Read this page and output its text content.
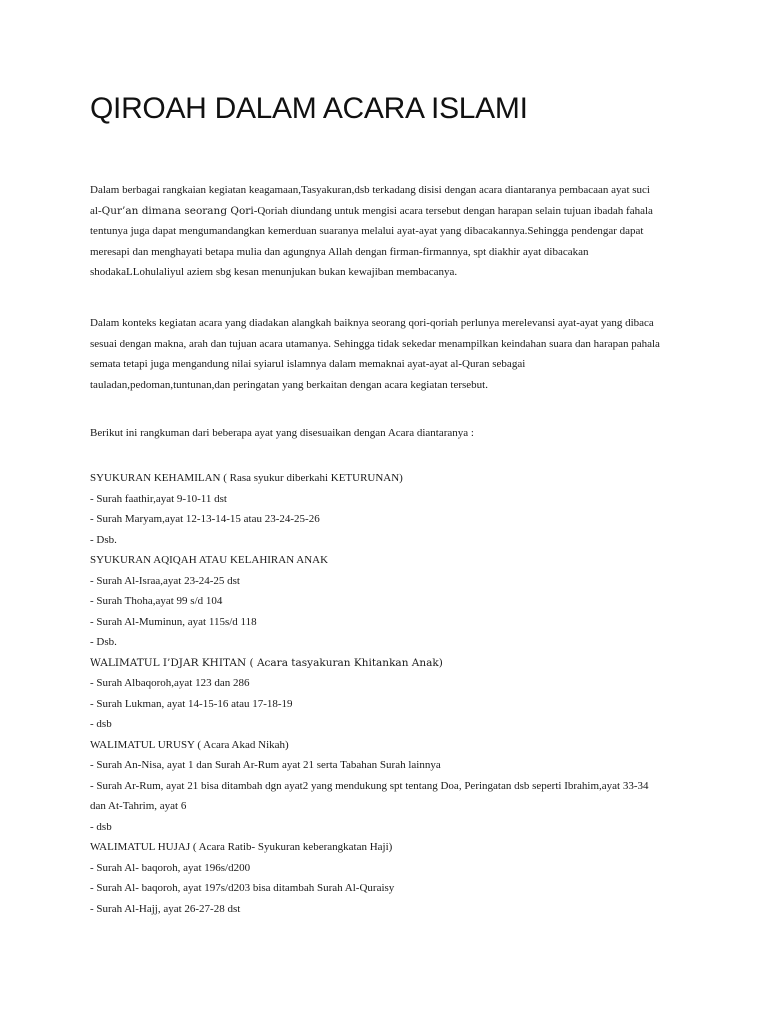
QIROAH DALAM ACARA ISLAMI
Dalam berbagai rangkaian kegiatan keagamaan,Tasyakuran,dsb terkadang disisi dengan acara diantaranya pembacaan ayat suci
al-Qur’an dimana seorang Qori-Qoriah diundang untuk mengisi acara tersebut dengan harapan selain tujuan ibadah fahala
tentunya juga dapat mengumandangkan kemerduan suaranya melalui ayat-ayat yang dibacakannya.Sehingga pendengar dapat
meresapi dan menghayati betapa mulia dan agungnya Allah dengan firman-firmannya, spt diakhir ayat dibacakan
shodakaLLohulaliyul aziem sbg kesan menunjukan bukan kewajiban membacanya.
Dalam konteks kegiatan acara yang diadakan alangkah baiknya seorang qori-qoriah perlunya merelevansi ayat-ayat yang dibaca
sesuai dengan makna, arah dan tujuan acara utamanya. Sehingga tidak sekedar menampilkan keindahan suara dan harapan pahala
semata tetapi juga mengandung nilai syiarul islamnya dalam memaknai ayat-ayat al-Quran sebagai
tauladan,pedoman,tuntunan,dan peringatan yang berkaitan dengan acara kegiatan tersebut.
Berikut ini rangkuman dari beberapa ayat yang disesuaikan dengan Acara diantaranya :
SYUKURAN KEHAMILAN ( Rasa syukur diberkahi KETURUNAN)
- Surah faathir,ayat 9-10-11 dst
- Surah Maryam,ayat 12-13-14-15 atau 23-24-25-26
- Dsb.
SYUKURAN AQIQAH ATAU KELAHIRAN ANAK
- Surah Al-Israa,ayat 23-24-25 dst
- Surah Thoha,ayat 99 s/d 104
- Surah Al-Muminun, ayat 115s/d 118
- Dsb.
WALIMATUL I’DJAR KHITAN ( Acara tasyakuran Khitankan Anak)
- Surah Albaqoroh,ayat 123 dan 286
- Surah Lukman, ayat 14-15-16 atau 17-18-19
- dsb
WALIMATUL URUSY ( Acara Akad Nikah)
- Surah An-Nisa, ayat 1 dan Surah Ar-Rum ayat 21 serta Tabahan Surah lainnya
- Surah Ar-Rum, ayat 21 bisa ditambah dgn ayat2 yang mendukung spt tentang Doa, Peringatan dsb seperti Ibrahim,ayat 33-34
dan At-Tahrim, ayat 6
- dsb
WALIMATUL HUJAJ ( Acara Ratib- Syukuran keberangkatan Haji)
- Surah Al- baqoroh, ayat 196s/d200
- Surah Al- baqoroh, ayat 197s/d203 bisa ditambah Surah Al-Quraisy
- Surah Al-Hajj, ayat 26-27-28 dst
